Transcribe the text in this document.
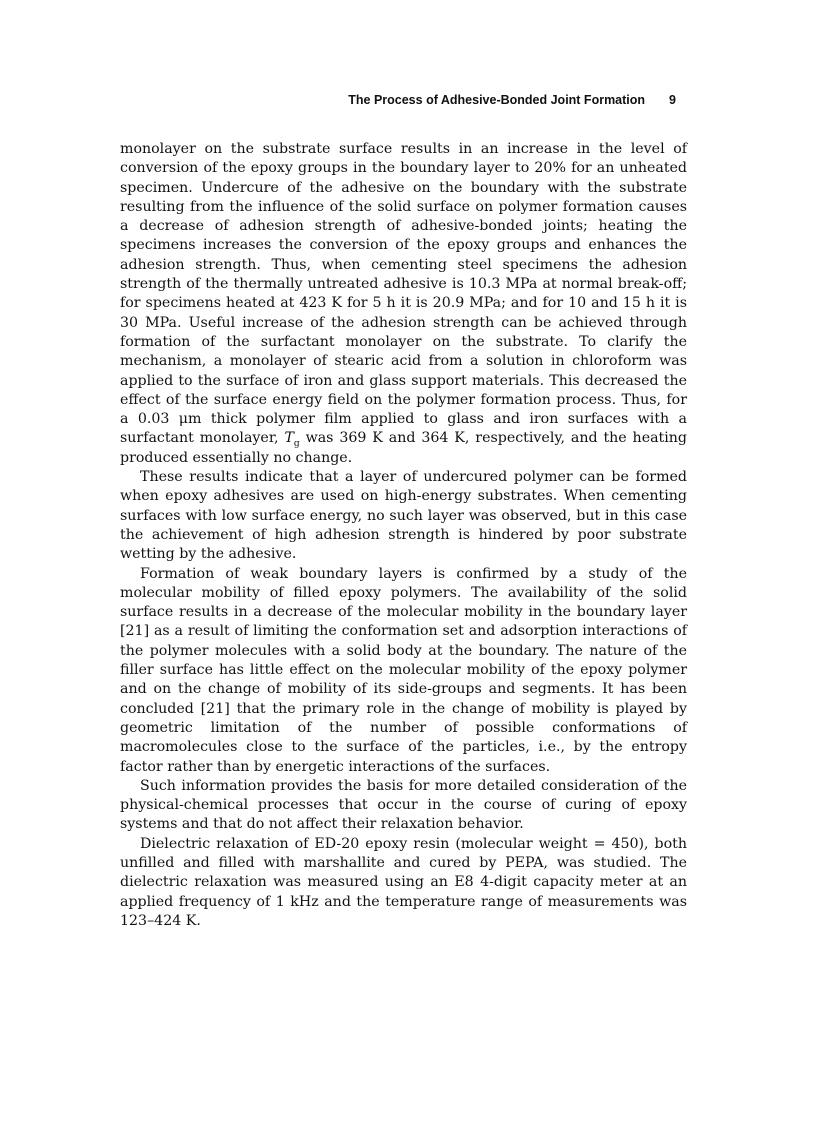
The Process of Adhesive-Bonded Joint Formation 9

monolayer on the substrate surface results in an increase in the level of conversion of the epoxy groups in the boundary layer to 20% for an unheated specimen. Undercure of the adhesive on the boundary with the substrate resulting from the influence of the solid surface on polymer formation causes a decrease of adhesion strength of adhesive-bonded joints; heating the specimens increases the conversion of the epoxy groups and enhances the adhesion strength. Thus, when cementing steel specimens the adhesion strength of the thermally untreated adhesive is 10.3 MPa at normal break-off; for specimens heated at 423 K for 5 h it is 20.9 MPa; and for 10 and 15 h it is 30 MPa. Useful increase of the adhesion strength can be achieved through formation of the surfactant monolayer on the substrate. To clarify the mechanism, a monolayer of stearic acid from a solution in chloroform was applied to the surface of iron and glass support materials. This decreased the effect of the surface energy field on the polymer formation process. Thus, for a 0.03 μm thick polymer film applied to glass and iron surfaces with a surfactant monolayer, $T_g$ was 369 K and 364 K, respectively, and the heating produced essentially no change.

These results indicate that a layer of undercured polymer can be formed when epoxy adhesives are used on high-energy substrates. When cementing surfaces with low surface energy, no such layer was observed, but in this case the achievement of high adhesion strength is hindered by poor substrate wetting by the adhesive.

Formation of weak boundary layers is confirmed by a study of the molecular mobility of filled epoxy polymers. The availability of the solid surface results in a decrease of the molecular mobility in the boundary layer [21] as a result of limiting the conformation set and adsorption interactions of the polymer molecules with a solid body at the boundary. The nature of the filler surface has little effect on the molecular mobility of the epoxy polymer and on the change of mobility of its side-groups and segments. It has been concluded [21] that the primary role in the change of mobility is played by geometric limitation of the number of possible conformations of macromolecules close to the surface of the particles, i.e., by the entropy factor rather than by energetic interactions of the surfaces.

Such information provides the basis for more detailed consideration of the physical-chemical processes that occur in the course of curing of epoxy systems and that do not affect their relaxation behavior.

Dielectric relaxation of ED-20 epoxy resin (molecular weight = 450), both unfilled and filled with marshallite and cured by PEPA, was studied. The dielectric relaxation was measured using an E8 4-digit capacity meter at an applied frequency of 1 kHz and the temperature range of measurements was 123–424 K.
